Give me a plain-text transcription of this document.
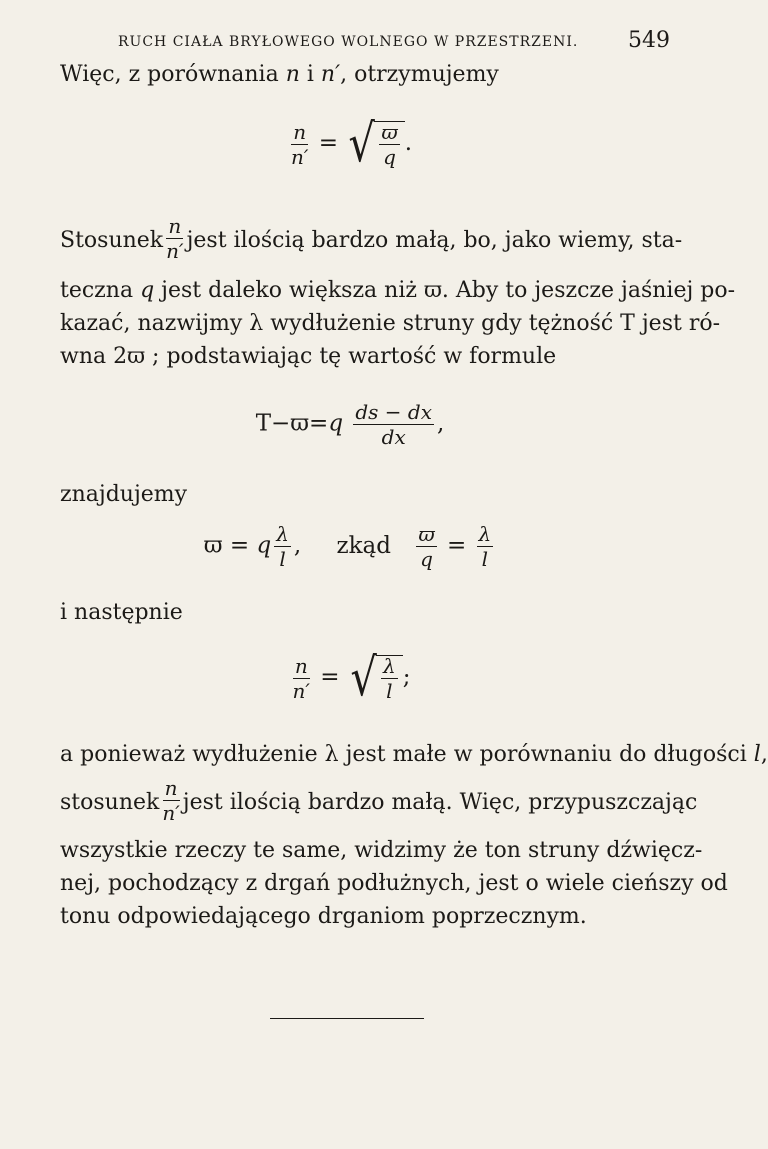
RUCH CIAŁA BRYŁOWEGO WOLNEGO W PRZESTRZENI. 549
Więc, z porównania n i n′, otrzymujemy
$\frac{n}{n'}$ = √ $\frac{ϖ}{q}$ .
Stosunek $\frac{n}{n'}$ jest ilością bardzo małą, bo, jako wiemy, sta-
teczna q jest daleko większa niż ϖ. Aby to jeszcze jaśniej po-
kazać, nazwijmy λ wydłużenie struny gdy tężność T jest ró-
wna 2ϖ ; podstawiając tę wartość w formule
$T-ϖ=q \frac{ds - dx}{dx}$ ,
znajdujemy
ϖ = q $\frac{\lambda}{l}$ , zkąd $\frac{ϖ}{q} = \frac{\lambda}{l}$
i następnie
$\frac{n}{n'}$ = √ $\frac{\lambda}{l}$ ;
a ponieważ wydłużenie λ jest małe w porównaniu do długości l,
stosunek $\frac{n}{n'}$ jest ilością bardzo małą. Więc, przypuszczając
wszystkie rzeczy te same, widzimy że ton struny dźwięcz-
nej, pochodzący z drgań podłużnych, jest o wiele cieńszy od
tonu odpowiedającego drganiom poprzecznym.
